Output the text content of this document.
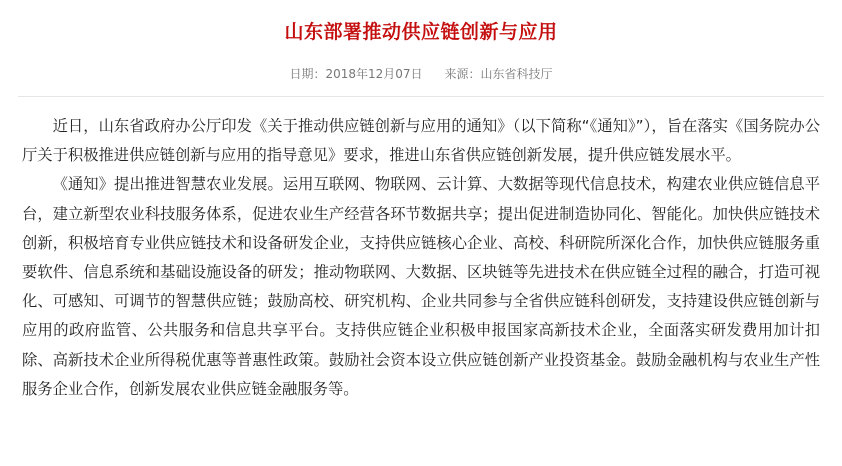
山东部署推动供应链创新与应用
日期：2018年12月07日 来源：山东省科技厅

近日，山东省政府办公厅印发《关于推动供应链创新与应用的通知》（以下简称“《通知》”），旨在落实《国务院办公厅关于积极推进供应链创新与应用的指导意见》要求，推进山东省供应链创新发展，提升供应链发展水平。

《通知》提出推进智慧农业发展。运用互联网、物联网、云计算、大数据等现代信息技术，构建农业供应链信息平台，建立新型农业科技服务体系，促进农业生产经营各环节数据共享；提出促进制造协同化、智能化。加快供应链技术创新，积极培育专业供应链技术和设备研发企业，支持供应链核心企业、高校、科研院所深化合作，加快供应链服务重要软件、信息系统和基础设施设备的研发；推动物联网、大数据、区块链等先进技术在供应链全过程的融合，打造可视化、可感知、可调节的智慧供应链；鼓励高校、研究机构、企业共同参与全省供应链科创研发，支持建设供应链创新与应用的政府监管、公共服务和信息共享平台。支持供应链企业积极申报国家高新技术企业，全面落实研发费用加计扣除、高新技术企业所得税优惠等普惠性政策。鼓励社会资本设立供应链创新产业投资基金。鼓励金融机构与农业生产性服务企业合作，创新发展农业供应链金融服务等。
